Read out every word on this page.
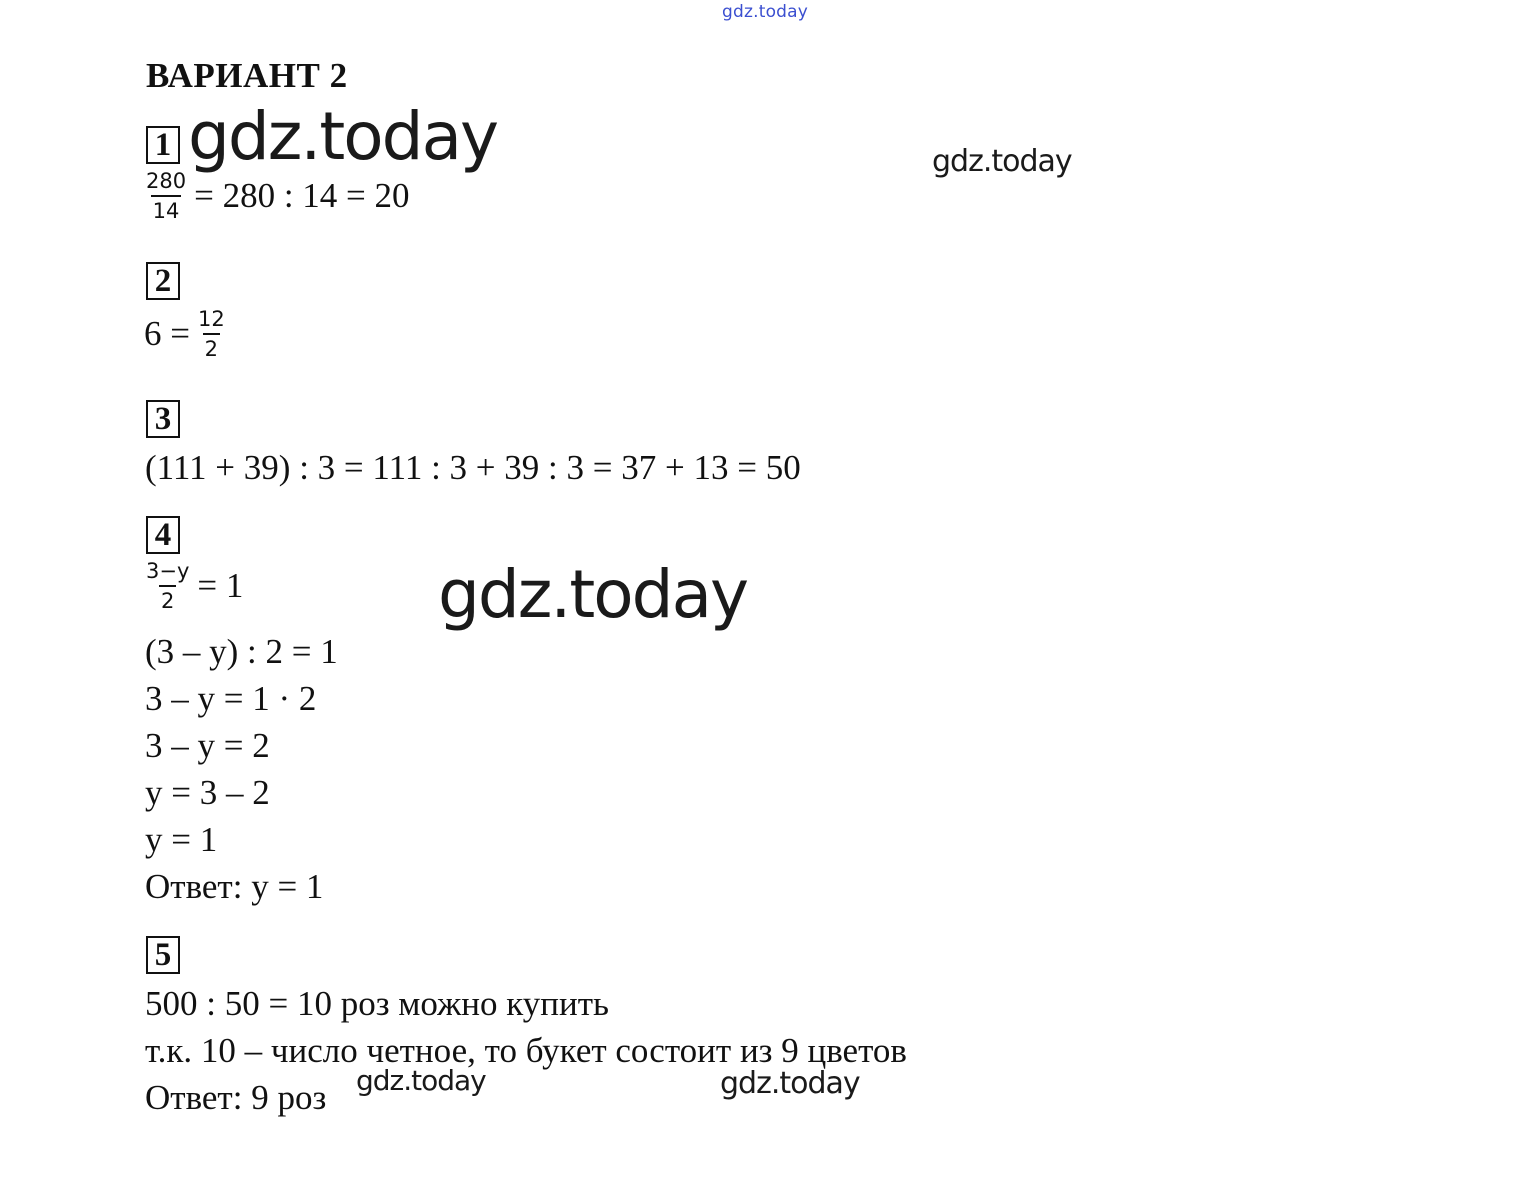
gdz.today
gdz.today	gdz.today
gdz.today
gdz.today	gdz.today
ВАРИАНТ 2
1
$\frac{280}{14} = 280$ : 14 = 20
2
$6 = \frac{12}{2}$
3
(111 + 39) : 3 = 111 : 3 + 39 : 3 = 37 + 13 = 50
4
$\frac{3-y}{2} = 1$
(3 – y) : 2 = 1
3 – y = 1 · 2
3 – y = 2
y = 3 – 2
y = 1
Ответ: y = 1
5
500 : 50 = 10 роз можно купить
т.к. 10 – число четное, то букет состоит из 9 цветов
Ответ: 9 роз
